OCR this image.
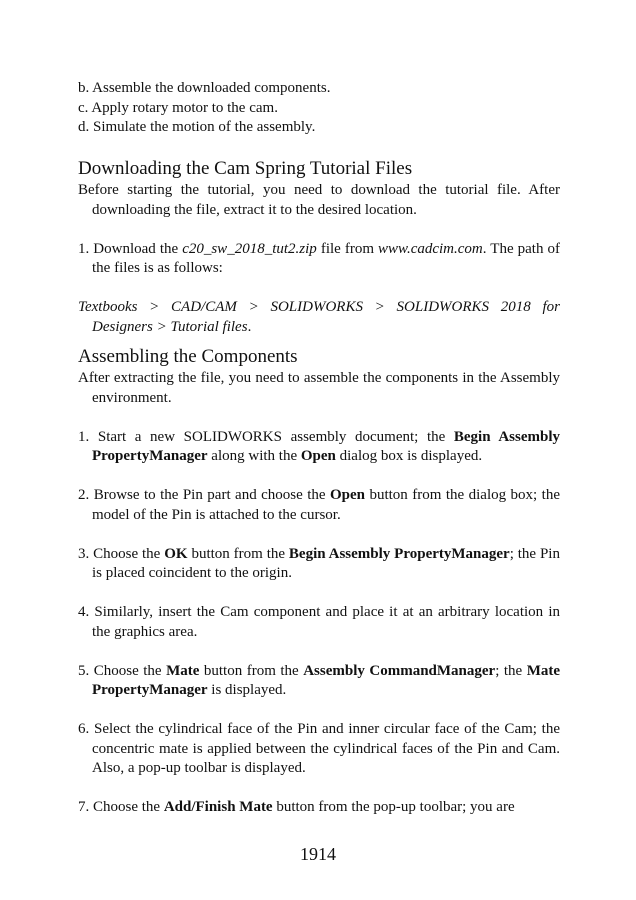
b. Assemble the downloaded components.

c. Apply rotary motor to the cam.

d. Simulate the motion of the assembly.

Downloading the Cam Spring Tutorial Files

Before starting the tutorial, you need to download the tutorial file. After downloading the file, extract it to the desired location.

1. Download the c20_sw_2018_tut2.zip file from www.cadcim.com. The path of the files is as follows:

Textbooks > CAD/CAM > SOLIDWORKS > SOLIDWORKS 2018 for Designers > Tutorial files.

Assembling the Components

After extracting the file, you need to assemble the components in the Assembly environment.

1. Start a new SOLIDWORKS assembly document; the Begin Assembly PropertyManager along with the Open dialog box is displayed.

2. Browse to the Pin part and choose the Open button from the dialog box; the model of the Pin is attached to the cursor.

3. Choose the OK button from the Begin Assembly PropertyManager; the Pin is placed coincident to the origin.

4. Similarly, insert the Cam component and place it at an arbitrary location in the graphics area.

5. Choose the Mate button from the Assembly CommandManager; the Mate PropertyManager is displayed.

6. Select the cylindrical face of the Pin and inner circular face of the Cam; the concentric mate is applied between the cylindrical faces of the Pin and Cam. Also, a pop-up toolbar is displayed.

7. Choose the Add/Finish Mate button from the pop-up toolbar; you are

1914
